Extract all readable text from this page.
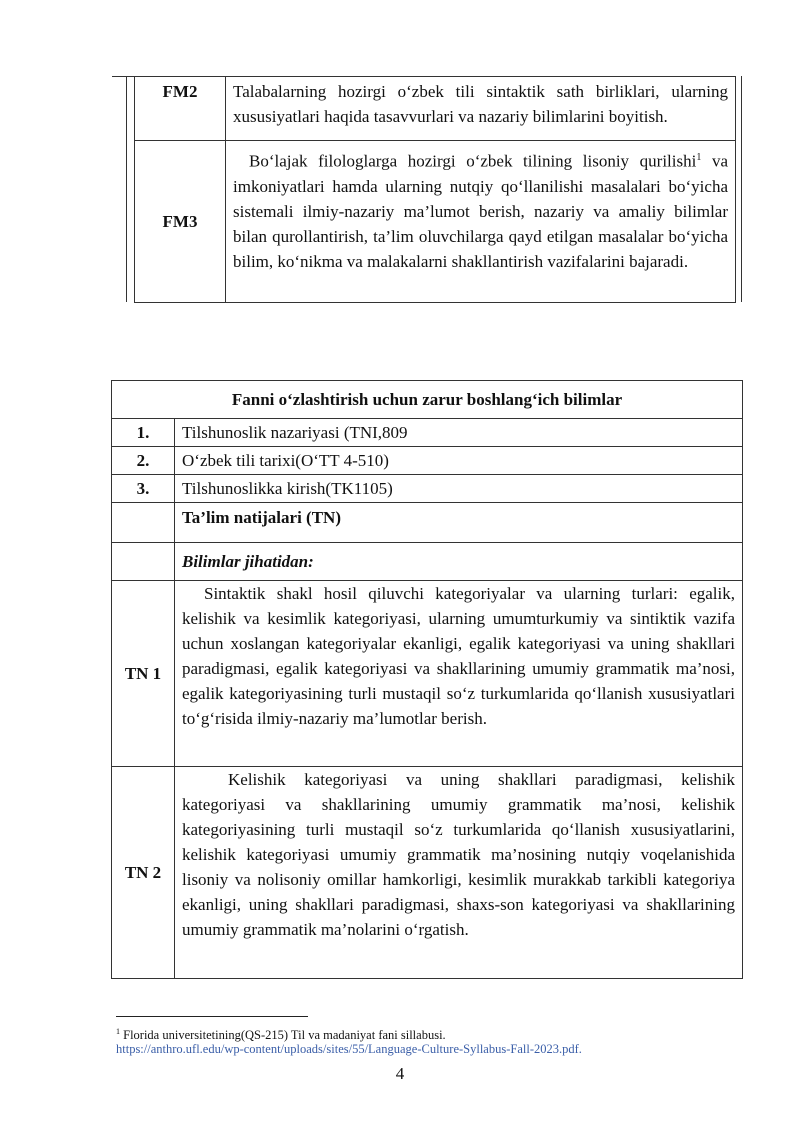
FM2	Talabalarning hozirgi o‘zbek tili sintaktik sath birliklari, ularning xususiyatlari haqida tasavvurlari va nazariy bilimlarini boyitish.
FM3	Bo‘lajak filologlarga hozirgi o‘zbek tilining lisoniy qurilishi$^1$ va imkoniyatlari hamda ularning nutqiy qo‘llanilishi masalalari bo‘yicha sistemali ilmiy-nazariy ma’lumot berish, nazariy va amaliy bilimlar bilan qurollantirish, ta’lim oluvchilarga qayd etilgan masalalar bo‘yicha bilim, ko‘nikma va malakalarni shakllantirish vazifalarini bajaradi.
Fanni o‘zlashtirish uchun zarur boshlang‘ich bilimlar	
1.	Tilshunoslik nazariyasi (TNI,809
2.	O‘zbek tili tarixi(O‘TT 4-510)
3.	Tilshunoslikka kirish(TK1105)
	Ta’lim natijalari (TN)
	Bilimlar jihatidan:
TN 1	Sintaktik shakl hosil qiluvchi kategoriyalar va ularning turlari: egalik, kelishik va kesimlik kategoriyasi, ularning umumturkumiy va sintiktik vazifa uchun xoslangan kategoriyalar ekanligi, egalik kategoriyasi va uning shakllari paradigmasi, egalik kategoriyasi va shakllarining umumiy grammatik ma’nosi, egalik kategoriyasining turli mustaqil so‘z turkumlarida qo‘llanish xususiyatlari to‘g‘risida ilmiy-nazariy ma’lumotlar berish.
TN 2	Kelishik kategoriyasi va uning shakllari paradigmasi, kelishik kategoriyasi va shakllarining umumiy grammatik ma’nosi, kelishik kategoriyasining turli mustaqil so‘z turkumlarida qo‘llanish xususiyatlarini, kelishik kategoriyasi umumiy grammatik ma’nosining nutqiy voqelanishida lisoniy va nolisoniy omillar hamkorligi, kesimlik murakkab tarkibli kategoriya ekanligi, uning shakllari paradigmasi, shaxs-son kategoriyasi va shakllarining umumiy grammatik ma’nolarini o‘rgatish.
$^1$ Florida universitetining(QS-215) Til va madaniyat fani sillabusi.
https://anthro.ufl.edu/wp-content/uploads/sites/55/Language-Culture-Syllabus-Fall-2023.pdf.
4
